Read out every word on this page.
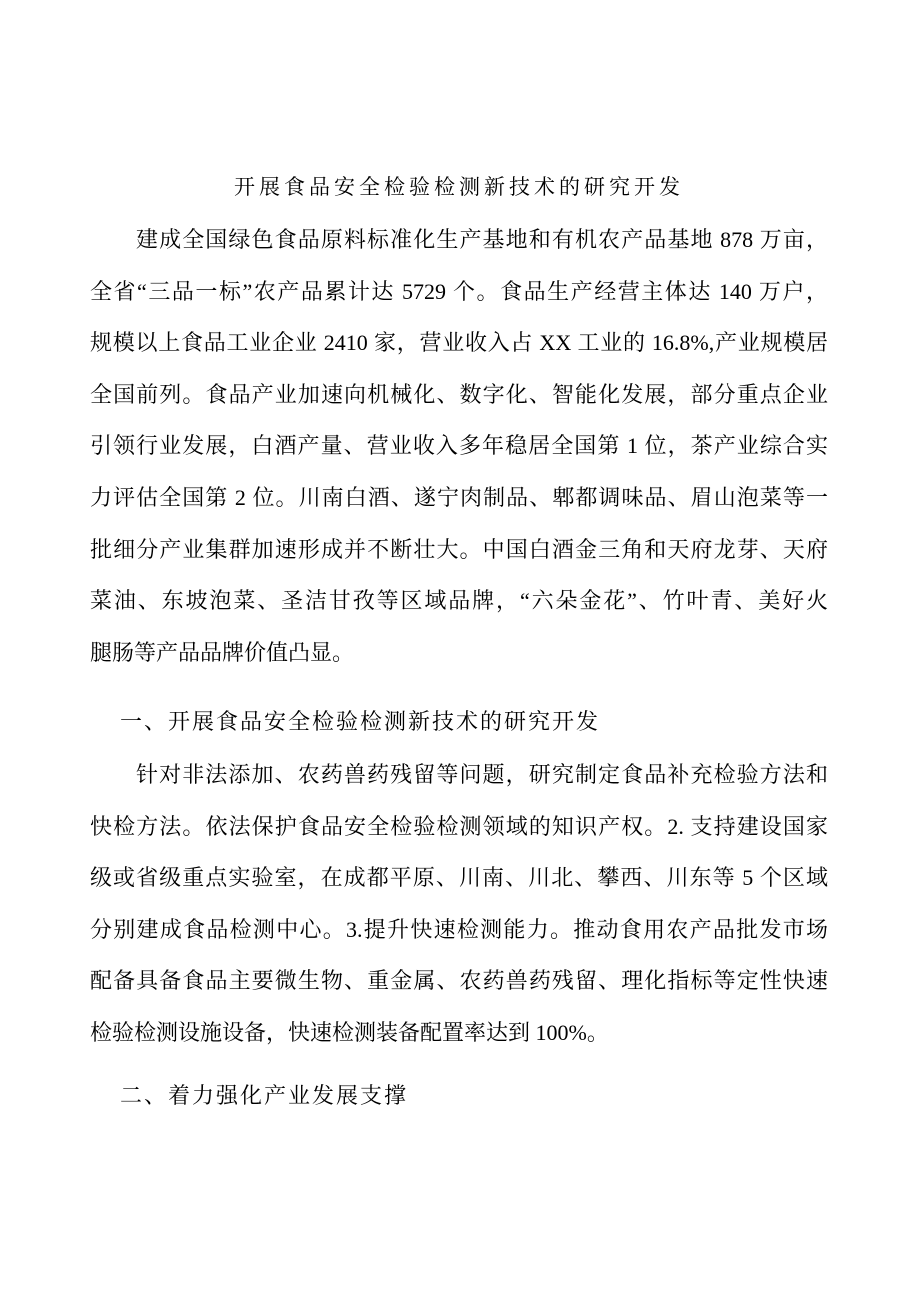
开展食品安全检验检测新技术的研究开发
建成全国绿色食品原料标准化生产基地和有机农产品基地 878 万亩，
全省“三品一标”农产品累计达 5729 个。食品生产经营主体达 140 万户，
规模以上食品工业企业 2410 家，营业收入占 XX 工业的 16.8%,产业规模居
全国前列。食品产业加速向机械化、数字化、智能化发展，部分重点企业
引领行业发展，白酒产量、营业收入多年稳居全国第 1 位，茶产业综合实
力评估全国第 2 位。川南白酒、遂宁肉制品、郫都调味品、眉山泡菜等一
批细分产业集群加速形成并不断壮大。中国白酒金三角和天府龙芽、天府
菜油、东坡泡菜、圣洁甘孜等区域品牌，“六朵金花”、竹叶青、美好火
腿肠等产品品牌价值凸显。
一、开展食品安全检验检测新技术的研究开发
针对非法添加、农药兽药残留等问题，研究制定食品补充检验方法和
快检方法。依法保护食品安全检验检测领域的知识产权。2. 支持建设国家
级或省级重点实验室，在成都平原、川南、川北、攀西、川东等 5 个区域
分别建成食品检测中心。3.提升快速检测能力。推动食用农产品批发市场
配备具备食品主要微生物、重金属、农药兽药残留、理化指标等定性快速
检验检测设施设备，快速检测装备配置率达到 100%。
二、着力强化产业发展支撑
